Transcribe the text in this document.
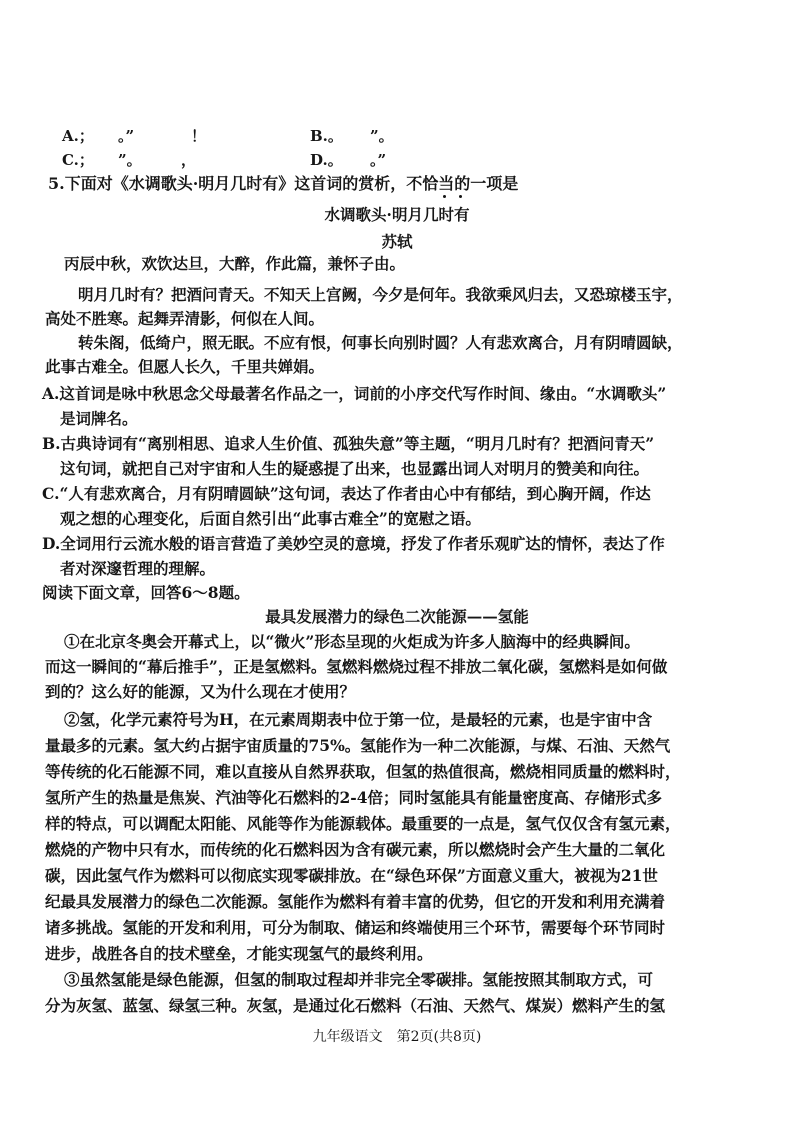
A.； 。”	！	B.。 ”。
C.； ”。	，	D.。 。”
5.下面对《水调歌头·明月几时有》这首词的赏析，不恰当的一项是
水调歌头·明月几时有
苏轼
丙辰中秋，欢饮达旦，大醉，作此篇，兼怀子由。
明月几时有？把酒问青天。不知天上宫阙，今夕是何年。我欲乘风归去，又恐琼楼玉宇，
高处不胜寒。起舞弄清影，何似在人间。
转朱阁，低绮户，照无眠。不应有恨，何事长向别时圆？人有悲欢离合，月有阴晴圆缺，
此事古难全。但愿人长久，千里共婵娟。
A.这首词是咏中秋思念父母最著名作品之一，词前的小序交代写作时间、缘由。“水调歌头”
是词牌名。
B.古典诗词有“离别相思、追求人生价值、孤独失意”等主题，“明月几时有？把酒问青天”
这句词，就把自己对宇宙和人生的疑惑提了出来，也显露出词人对明月的赞美和向往。
C.“人有悲欢离合，月有阴晴圆缺”这句词，表达了作者由心中有郁结，到心胸开阔，作达
观之想的心理变化，后面自然引出“此事古难全”的宽慰之语。
D.全词用行云流水般的语言营造了美妙空灵的意境，抒发了作者乐观旷达的情怀，表达了作
者对深邃哲理的理解。
阅读下面文章，回答6～8题。
最具发展潜力的绿色二次能源——氢能
①在北京冬奥会开幕式上，以“微火”形态呈现的火炬成为许多人脑海中的经典瞬间。
而这一瞬间的“幕后推手”，正是氢燃料。氢燃料燃烧过程不排放二氧化碳，氢燃料是如何做
到的？这么好的能源，又为什么现在才使用？
②氢，化学元素符号为H，在元素周期表中位于第一位，是最轻的元素，也是宇宙中含
量最多的元素。氢大约占据宇宙质量的75%。氢能作为一种二次能源，与煤、石油、天然气
等传统的化石能源不同，难以直接从自然界获取，但氢的热值很高，燃烧相同质量的燃料时，
氢所产生的热量是焦炭、汽油等化石燃料的2-4倍；同时氢能具有能量密度高、存储形式多
样的特点，可以调配太阳能、风能等作为能源载体。最重要的一点是，氢气仅仅含有氢元素，
燃烧的产物中只有水，而传统的化石燃料因为含有碳元素，所以燃烧时会产生大量的二氧化
碳，因此氢气作为燃料可以彻底实现零碳排放。在“绿色环保”方面意义重大，被视为21世
纪最具发展潜力的绿色二次能源。氢能作为燃料有着丰富的优势，但它的开发和利用充满着
诸多挑战。氢能的开发和利用，可分为制取、储运和终端使用三个环节，需要每个环节同时
进步，战胜各自的技术壁垒，才能实现氢气的最终利用。
③虽然氢能是绿色能源，但氢的制取过程却并非完全零碳排。氢能按照其制取方式，可
分为灰氢、蓝氢、绿氢三种。灰氢，是通过化石燃料（石油、天然气、煤炭）燃料产生的氢
九年级语文　第2页(共8页)
